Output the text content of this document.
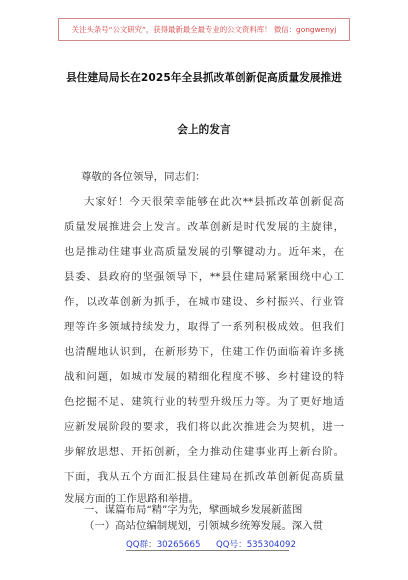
关注头条号“公文研究”，获得最新最全最专业的公文资料库！ 微信：gongwenyj
县住建局局长在2025年全县抓改革创新促高质量发展推进
会上的发言
尊敬的各位领导，同志们：
大家好！今天很荣幸能够在此次**县抓改革创新促高
质量发展推进会上发言。改革创新是时代发展的主旋律，
也是推动住建事业高质量发展的引擎键动力。近年来，在
县委、县政府的坚强领导下，**县住建局紧紧围绕中心工
作，以改革创新为抓手，在城市建设、乡村振兴、行业管
理等许多领域持续发力，取得了一系列积极成效。但我们
也清醒地认识到，在新形势下，住建工作仍面临着许多挑
战和问题，如城市发展的精细化程度不够、乡村建设的特
色挖掘不足、建筑行业的转型升级压力等。为了更好地适
应新发展阶段的要求，我们将以此次推进会为契机，进一
步解放思想、开拓创新，全力推动住建事业再上新台阶。
下面，我从五个方面汇报县住建局在抓改革创新促高质量
发展方面的工作思路和举措。
一、谋篇布局“精”字为先，擘画城乡发展新蓝图
（一）高站位编制规划，引领城乡统筹发展。深入贯
QQ群：30265665 QQ号：535304092
